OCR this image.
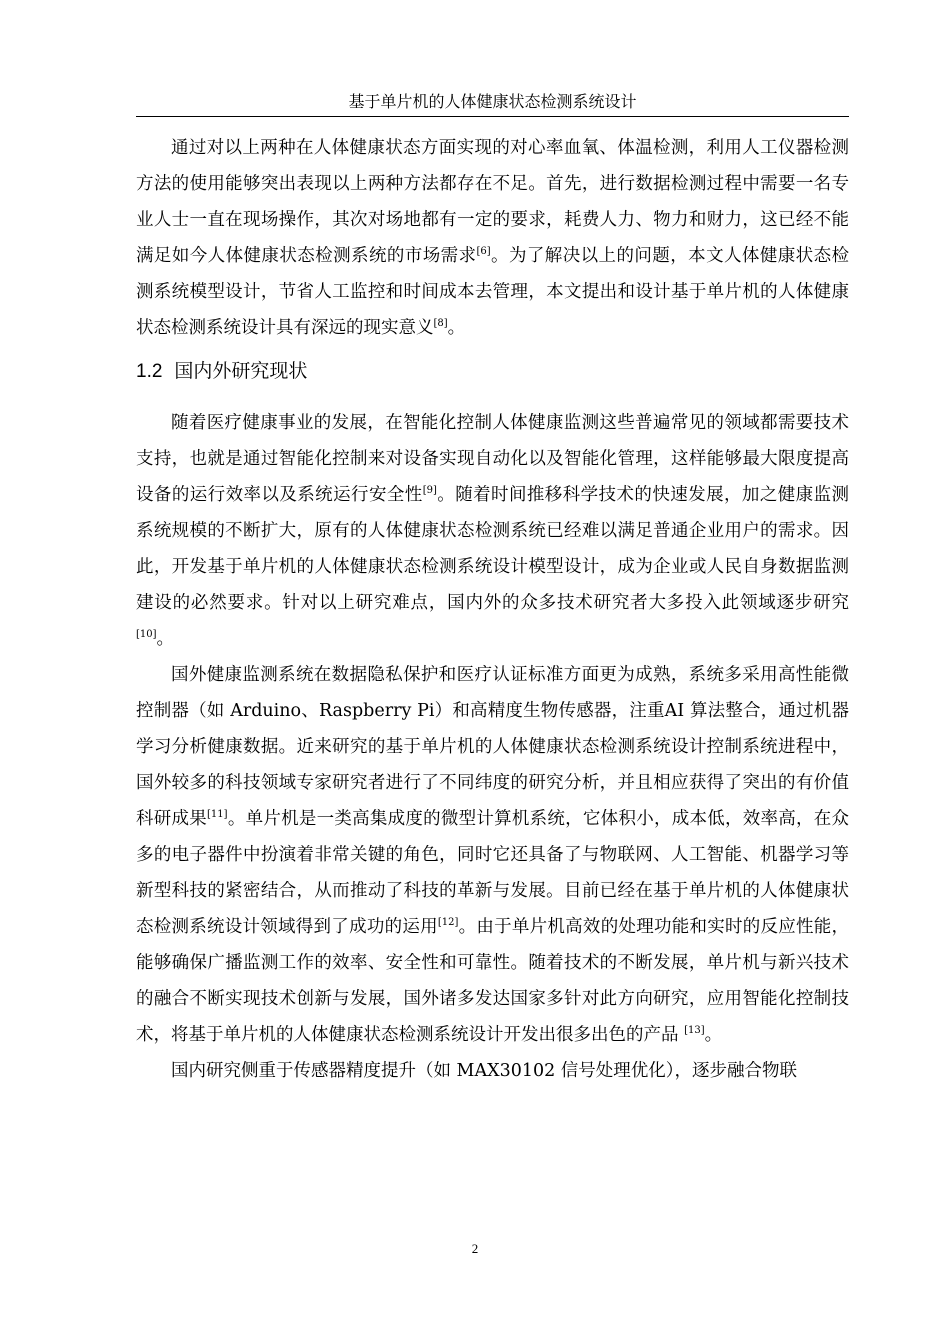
基于单片机的人体健康状态检测系统设计

通过对以上两种在人体健康状态方面实现的对心率血氧、体温检测，利用人工仪器检测方法的使用能够突出表现以上两种方法都存在不足。首先，进行数据检测过程中需要一名专业人士一直在现场操作，其次对场地都有一定的要求，耗费人力、物力和财力，这已经不能满足如今人体健康状态检测系统的市场需求[6]。为了解决以上的问题，本文人体健康状态检测系统模型设计，节省人工监控和时间成本去管理，本文提出和设计基于单片机的人体健康状态检测系统设计具有深远的现实意义[8]。

1.2 国内外研究现状

随着医疗健康事业的发展，在智能化控制人体健康监测这些普遍常见的领域都需要技术支持，也就是通过智能化控制来对设备实现自动化以及智能化管理，这样能够最大限度提高设备的运行效率以及系统运行安全性[9]。随着时间推移科学技术的快速发展，加之健康监测系统规模的不断扩大，原有的人体健康状态检测系统已经难以满足普通企业用户的需求。因此，开发基于单片机的人体健康状态检测系统设计模型设计，成为企业或人民自身数据监测建设的必然要求。针对以上研究难点，国内外的众多技术研究者大多投入此领域逐步研究[10]。

国外健康监测系统在数据隐私保护和医疗认证标准方面更为成熟，系统多采用高性能微控制器（如 Arduino、Raspberry Pi）和高精度生物传感器，注重AI 算法整合，通过机器学习分析健康数据。近来研究的基于单片机的人体健康状态检测系统设计控制系统进程中，国外较多的科技领域专家研究者进行了不同纬度的研究分析，并且相应获得了突出的有价值科研成果[11]。单片机是一类高集成度的微型计算机系统，它体积小，成本低，效率高，在众多的电子器件中扮演着非常关键的角色，同时它还具备了与物联网、人工智能、机器学习等新型科技的紧密结合，从而推动了科技的革新与发展。目前已经在基于单片机的人体健康状态检测系统设计领域得到了成功的运用[12]。由于单片机高效的处理功能和实时的反应性能，能够确保广播监测工作的效率、安全性和可靠性。随着技术的不断发展，单片机与新兴技术的融合不断实现技术创新与发展，国外诸多发达国家多针对此方向研究，应用智能化控制技术，将基于单片机的人体健康状态检测系统设计开发出很多出色的产品 [13]。

国内研究侧重于传感器精度提升（如 MAX30102 信号处理优化），逐步融合物联

2
